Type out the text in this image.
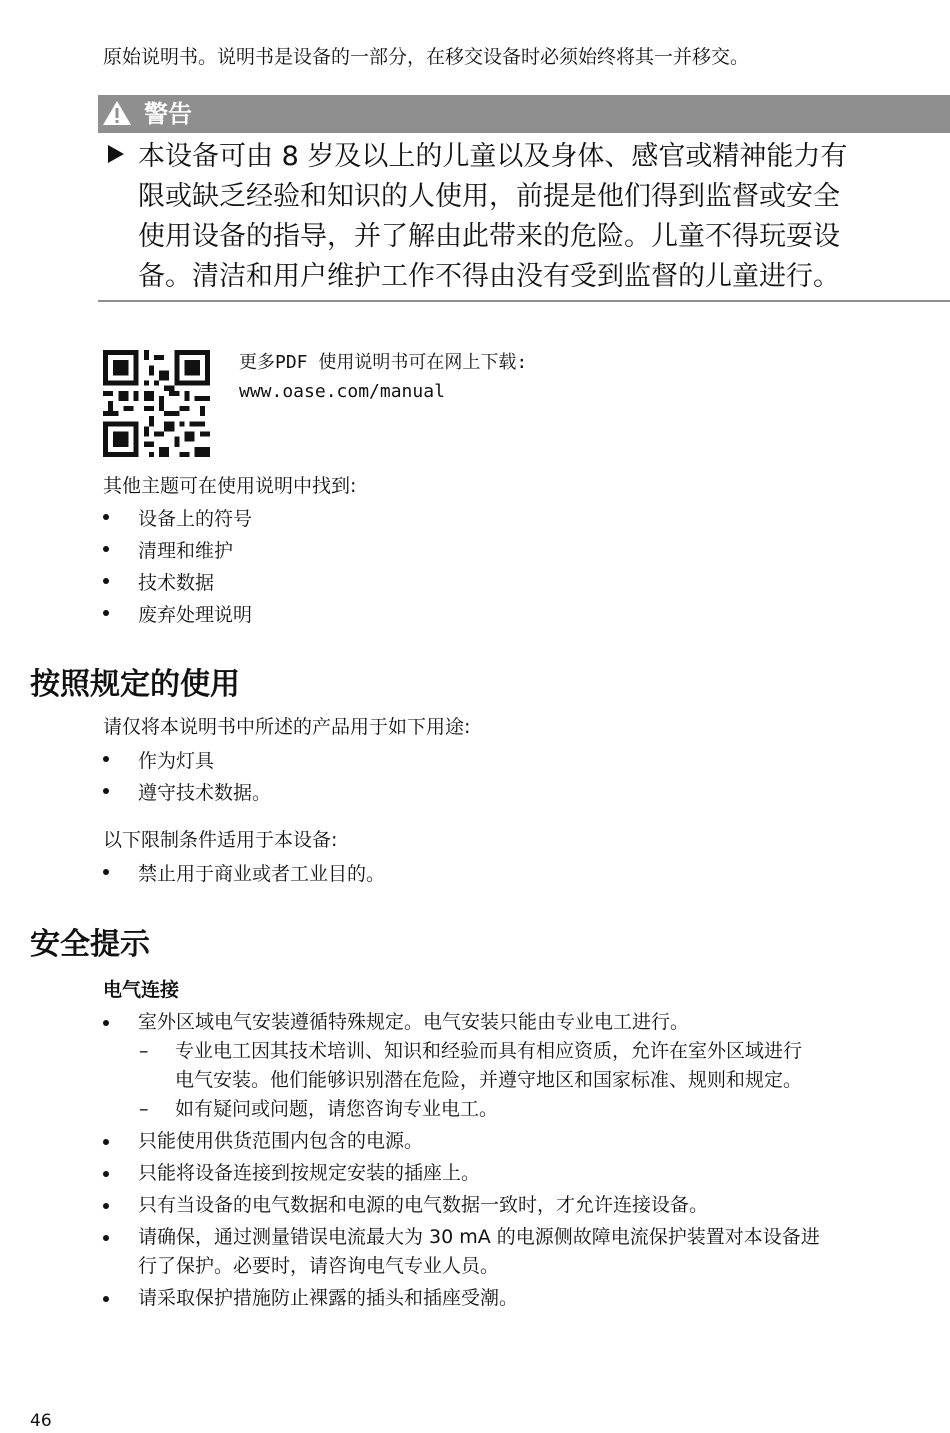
原始说明书。说明书是设备的一部分，在移交设备时必须始终将其一并移交。
警告
本设备可由 8 岁及以上的儿童以及身体、感官或精神能力有
限或缺乏经验和知识的人使用，前提是他们得到监督或安全
使用设备的指导，并了解由此带来的危险。儿童不得玩耍设
备。清洁和用户维护工作不得由没有受到监督的儿童进行。
更多PDF 使用说明书可在网上下载:
www.oase.com/manual
其他主题可在使用说明中找到:
设备上的符号
清理和维护
技术数据
废弃处理说明
按照规定的使用
请仅将本说明书中所述的产品用于如下用途:
作为灯具
遵守技术数据。
以下限制条件适用于本设备:
禁止用于商业或者工业目的。
安全提示
电气连接
室外区域电气安装遵循特殊规定。电气安装只能由专业电工进行。
– 专业电工因其技术培训、知识和经验而具有相应资质，允许在室外区域进行
电气安装。他们能够识别潜在危险，并遵守地区和国家标准、规则和规定。
– 如有疑问或问题，请您咨询专业电工。
只能使用供货范围内包含的电源。
只能将设备连接到按规定安装的插座上。
只有当设备的电气数据和电源的电气数据一致时，才允许连接设备。
请确保，通过测量错误电流最大为 30 mA 的电源侧故障电流保护装置对本设备进
行了保护。必要时，请咨询电气专业人员。
请采取保护措施防止裸露的插头和插座受潮。
46
